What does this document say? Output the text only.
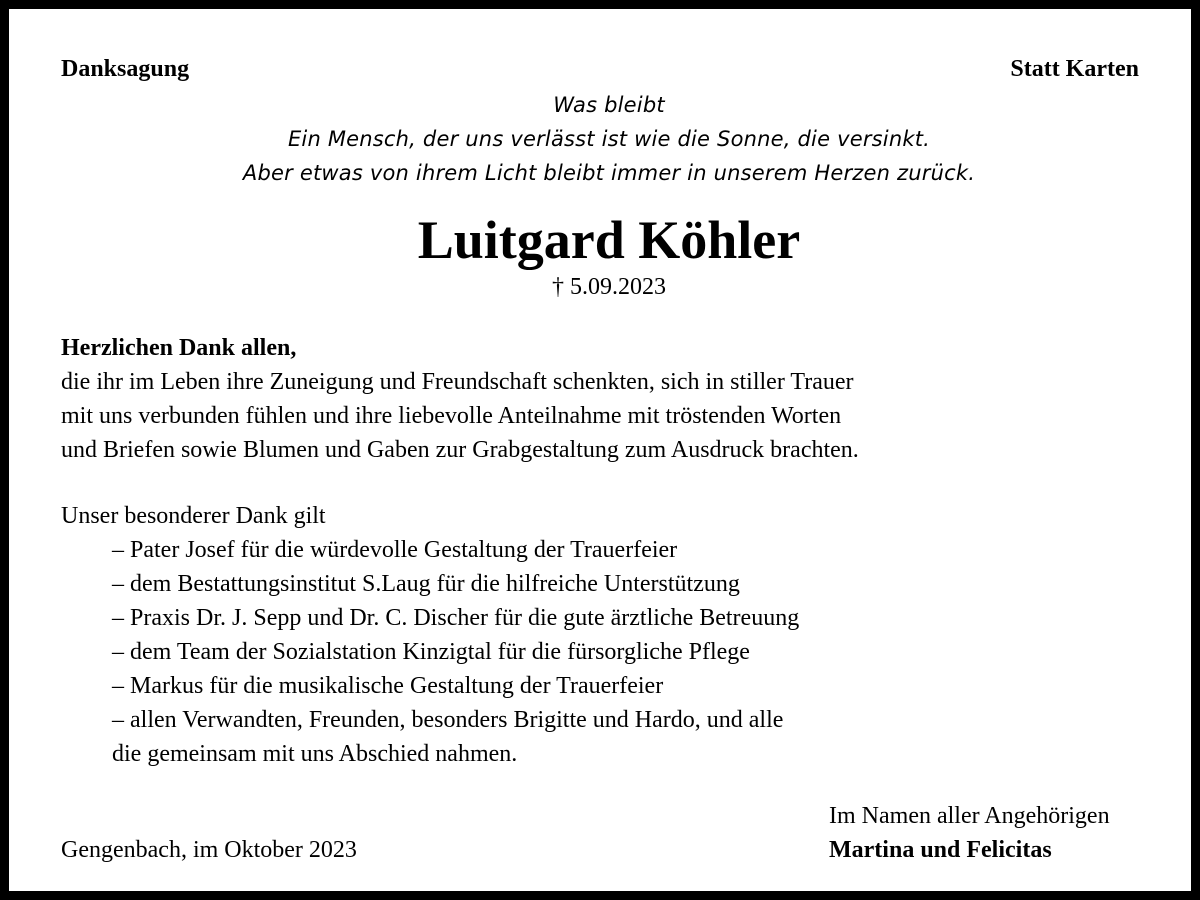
Danksagung	Statt Karten
Was bleibt
Ein Mensch, der uns verlässt ist wie die Sonne, die versinkt.
Aber etwas von ihrem Licht bleibt immer in unserem Herzen zurück.
Luitgard Köhler
† 5.09.2023
Herzlichen Dank allen,
die ihr im Leben ihre Zuneigung und Freundschaft schenkten, sich in stiller Trauer
mit uns verbunden fühlen und ihre liebevolle Anteilnahme mit tröstenden Worten
und Briefen sowie Blumen und Gaben zur Grabgestaltung zum Ausdruck brachten.
Unser besonderer Dank gilt
– Pater Josef für die würdevolle Gestaltung der Trauerfeier
– dem Bestattungsinstitut S.Laug für die hilfreiche Unterstützung
– Praxis Dr. J. Sepp und Dr. C. Discher für die gute ärztliche Betreuung
– dem Team der Sozialstation Kinzigtal für die fürsorgliche Pflege
– Markus für die musikalische Gestaltung der Trauerfeier
– allen Verwandten, Freunden, besonders Brigitte und Hardo, und alle
die gemeinsam mit uns Abschied nahmen.
Im Namen aller Angehörigen
Gengenbach, im Oktober 2023	Martina und Felicitas
